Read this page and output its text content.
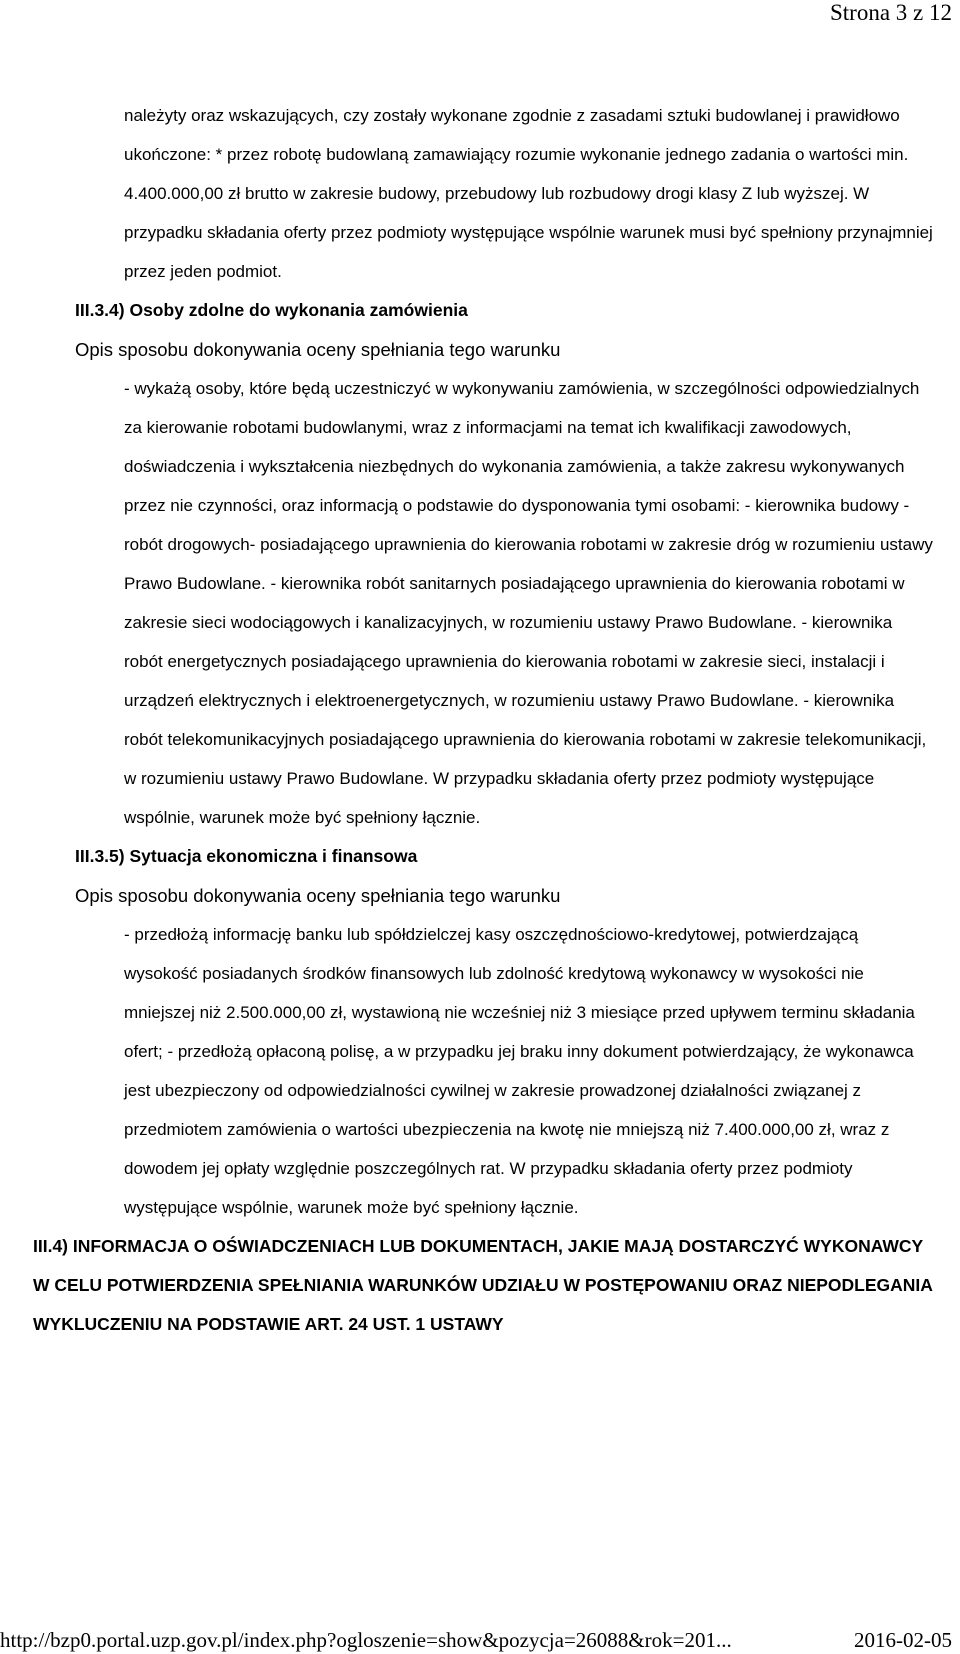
Strona 3 z 12

należyty oraz wskazujących, czy zostały wykonane zgodnie z zasadami sztuki budowlanej i prawidłowo ukończone: * przez robotę budowlaną zamawiający rozumie wykonanie jednego zadania o wartości min. 4.400.000,00 zł brutto w zakresie budowy, przebudowy lub rozbudowy drogi klasy Z lub wyższej. W przypadku składania oferty przez podmioty występujące wspólnie warunek musi być spełniony przynajmniej przez jeden podmiot.

III.3.4) Osoby zdolne do wykonania zamówienia

Opis sposobu dokonywania oceny spełniania tego warunku

- wykażą osoby, które będą uczestniczyć w wykonywaniu zamówienia, w szczególności odpowiedzialnych za kierowanie robotami budowlanymi, wraz z informacjami na temat ich kwalifikacji zawodowych, doświadczenia i wykształcenia niezbędnych do wykonania zamówienia, a także zakresu wykonywanych przez nie czynności, oraz informacją o podstawie do dysponowania tymi osobami: - kierownika budowy - robót drogowych- posiadającego uprawnienia do kierowania robotami w zakresie dróg w rozumieniu ustawy Prawo Budowlane. - kierownika robót sanitarnych posiadającego uprawnienia do kierowania robotami w zakresie sieci wodociągowych i kanalizacyjnych, w rozumieniu ustawy Prawo Budowlane. - kierownika robót energetycznych posiadającego uprawnienia do kierowania robotami w zakresie sieci, instalacji i urządzeń elektrycznych i elektroenergetycznych, w rozumieniu ustawy Prawo Budowlane. - kierownika robót telekomunikacyjnych posiadającego uprawnienia do kierowania robotami w zakresie telekomunikacji, w rozumieniu ustawy Prawo Budowlane. W przypadku składania oferty przez podmioty występujące wspólnie, warunek może być spełniony łącznie.

III.3.5) Sytuacja ekonomiczna i finansowa

Opis sposobu dokonywania oceny spełniania tego warunku

- przedłożą informację banku lub spółdzielczej kasy oszczędnościowo-kredytowej, potwierdzającą wysokość posiadanych środków finansowych lub zdolność kredytową wykonawcy w wysokości nie mniejszej niż 2.500.000,00 zł, wystawioną nie wcześniej niż 3 miesiące przed upływem terminu składania ofert; - przedłożą opłaconą polisę, a w przypadku jej braku inny dokument potwierdzający, że wykonawca jest ubezpieczony od odpowiedzialności cywilnej w zakresie prowadzonej działalności związanej z przedmiotem zamówienia o wartości ubezpieczenia na kwotę nie mniejszą niż 7.400.000,00 zł, wraz z dowodem jej opłaty względnie poszczególnych rat. W przypadku składania oferty przez podmioty występujące wspólnie, warunek może być spełniony łącznie.

III.4) INFORMACJA O OŚWIADCZENIACH LUB DOKUMENTACH, JAKIE MAJĄ DOSTARCZYĆ WYKONAWCY W CELU POTWIERDZENIA SPEŁNIANIA WARUNKÓW UDZIAŁU W POSTĘPOWANIU ORAZ NIEPODLEGANIA WYKLUCZENIU NA PODSTAWIE ART. 24 UST. 1 USTAWY

http://bzp0.portal.uzp.gov.pl/index.php?ogloszenie=show&pozycja=26088&rok=201...	2016-02-05
